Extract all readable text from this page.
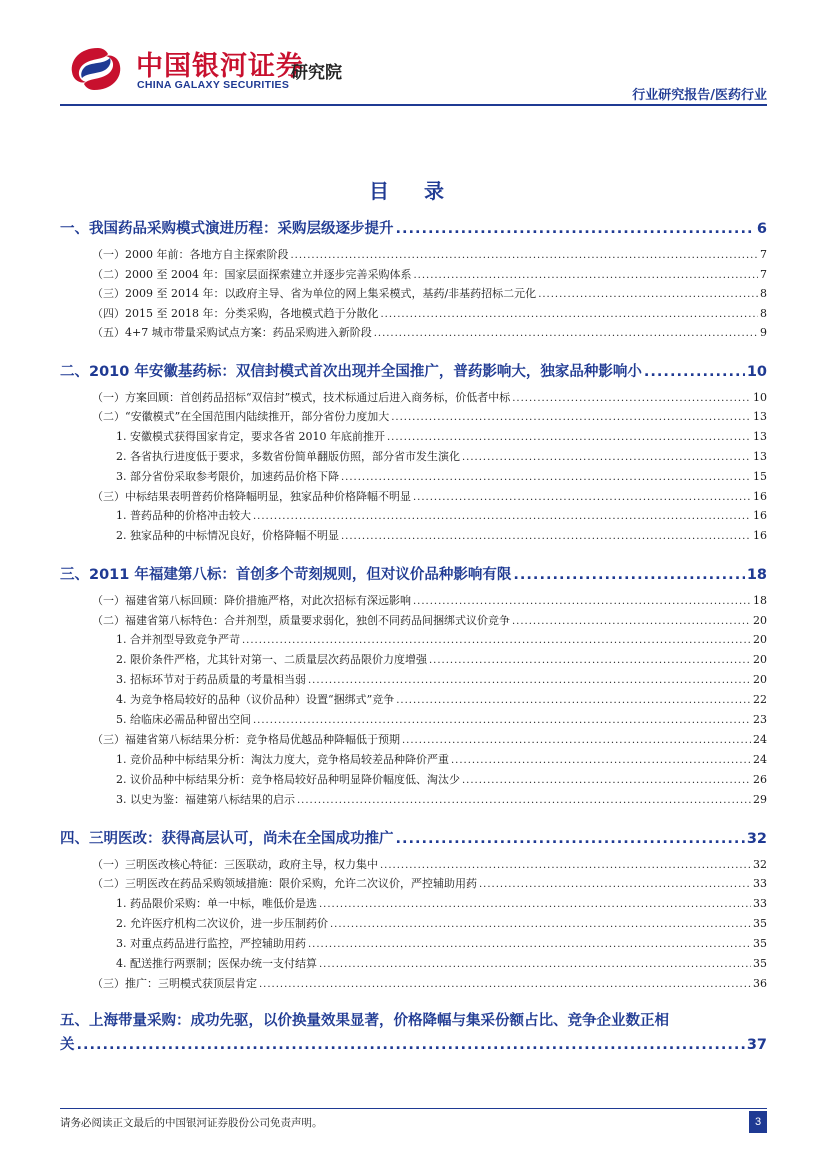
中国银河证券
CHINA GALAXY SECURITIES
研究院
行业研究报告/医药行业
目 录
一、我国药品采购模式演进历程：采购层级逐步提升 .....	6
（一）2000 年前：各地方自主探索阶段 .....	7
（二）2000 至 2004 年：国家层面探索建立并逐步完善采购体系 .....	7
（三）2009 至 2014 年：以政府主导、省为单位的网上集采模式，基药/非基药招标二元化 .....	8
（四）2015 至 2018 年：分类采购，各地模式趋于分散化 .....	8
（五）4+7 城市带量采购试点方案：药品采购进入新阶段 .....	9
二、2010 年安徽基药标：双信封模式首次出现并全国推广，普药影响大，独家品种影响小 .....	10
（一）方案回顾：首创药品招标“双信封”模式，技术标通过后进入商务标，价低者中标 .....	10
（二）“安徽模式”在全国范围内陆续推开，部分省份力度加大 .....	13
1. 安徽模式获得国家肯定，要求各省 2010 年底前推开 .....	13
2. 各省执行进度低于要求，多数省份简单翻版仿照，部分省市发生演化 .....	13
3. 部分省份采取参考限价，加速药品价格下降 .....	15
（三）中标结果表明普药价格降幅明显，独家品种价格降幅不明显 .....	16
1. 普药品种的价格冲击较大 .....	16
2. 独家品种的中标情况良好，价格降幅不明显 .....	16
三、2011 年福建第八标：首创多个苛刻规则，但对议价品种影响有限 .....	18
（一）福建省第八标回顾：降价措施严格，对此次招标有深远影响 .....	18
（二）福建省第八标特色：合并剂型，质量要求弱化，独创不同药品间捆绑式议价竞争 .....	20
1. 合并剂型导致竞争严苛 .....	20
2. 限价条件严格，尤其针对第一、二质量层次药品限价力度增强 .....	20
3. 招标环节对于药品质量的考量相当弱 .....	20
4. 为竞争格局较好的品种（议价品种）设置“捆绑式”竞争 .....	22
5. 给临床必需品种留出空间 .....	23
（三）福建省第八标结果分析：竞争格局优越品种降幅低于预期 .....	24
1. 竞价品种中标结果分析：淘汰力度大，竞争格局较差品种降价严重 .....	24
2. 议价品种中标结果分析：竞争格局较好品种明显降价幅度低、淘汰少 .....	26
3. 以史为鉴：福建第八标结果的启示 .....	29
四、三明医改：获得高层认可，尚未在全国成功推广 .....	32
（一）三明医改核心特征：三医联动，政府主导，权力集中 .....	32
（二）三明医改在药品采购领域措施：限价采购，允许二次议价，严控辅助用药 .....	33
1. 药品限价采购：单一中标，唯低价是选 .....	33
2. 允许医疗机构二次议价，进一步压制药价 .....	35
3. 对重点药品进行监控，严控辅助用药 .....	35
4. 配送推行两票制；医保办统一支付结算 .....	35
（三）推广：三明模式获顶层肯定 .....	36
五、上海带量采购：成功先驱，以价换量效果显著，价格降幅与集采份额占比、竞争企业数正相
关 .....	37
请务必阅读正文最后的中国银河证券股份公司免责声明。	3
